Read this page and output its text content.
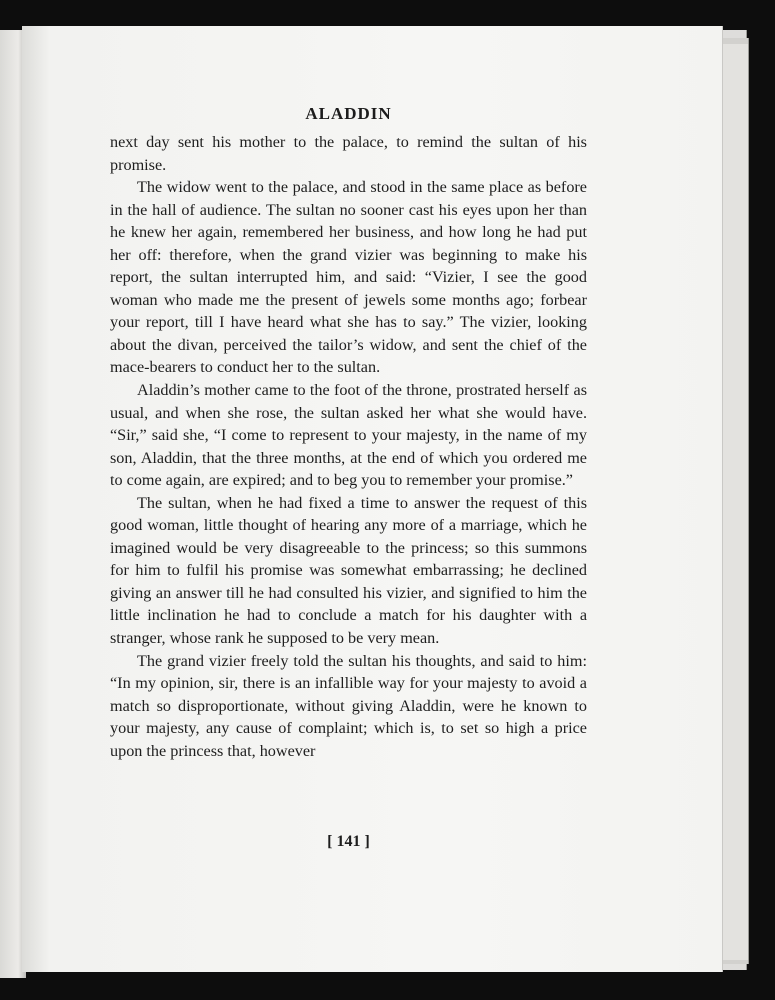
ALADDIN

next day sent his mother to the palace, to remind the sultan of his promise.

The widow went to the palace, and stood in the same place as before in the hall of audience. The sultan no sooner cast his eyes upon her than he knew her again, remembered her business, and how long he had put her off: therefore, when the grand vizier was beginning to make his report, the sultan interrupted him, and said: “Vizier, I see the good woman who made me the present of jewels some months ago; forbear your report, till I have heard what she has to say.” The vizier, looking about the divan, perceived the tailor’s widow, and sent the chief of the mace-bearers to conduct her to the sultan.

Aladdin’s mother came to the foot of the throne, prostrated herself as usual, and when she rose, the sultan asked her what she would have. “Sir,” said she, “I come to represent to your majesty, in the name of my son, Aladdin, that the three months, at the end of which you ordered me to come again, are expired; and to beg you to remember your promise.”

The sultan, when he had fixed a time to answer the request of this good woman, little thought of hearing any more of a marriage, which he imagined would be very disagreeable to the princess; so this summons for him to fulfil his promise was somewhat embarrassing; he declined giving an answer till he had consulted his vizier, and signified to him the little inclination he had to conclude a match for his daughter with a stranger, whose rank he supposed to be very mean.

The grand vizier freely told the sultan his thoughts, and said to him: “In my opinion, sir, there is an infallible way for your majesty to avoid a match so disproportionate, without giving Aladdin, were he known to your majesty, any cause of complaint; which is, to set so high a price upon the princess that, however

[ 141 ]
